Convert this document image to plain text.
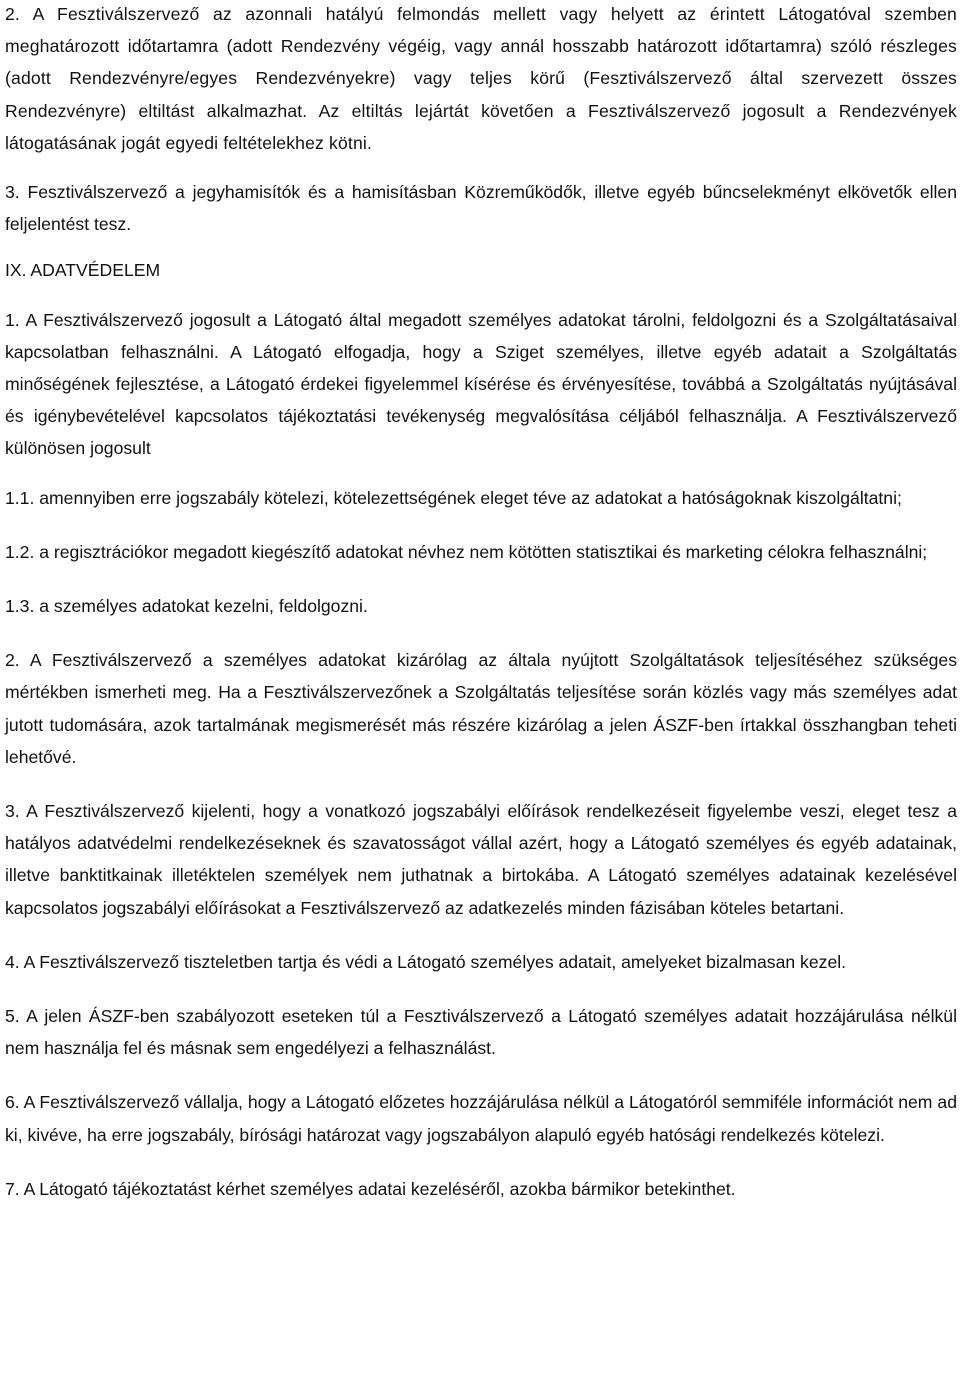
2. A Fesztiválszervező az azonnali hatályú felmondás mellett vagy helyett az érintett Látogatóval szemben meghatározott időtartamra (adott Rendezvény végéig, vagy annál hosszabb határozott időtartamra) szóló részleges (adott Rendezvényre/egyes Rendezvényekre) vagy teljes körű (Fesztiválszervező által szervezett összes Rendezvényre) eltiltást alkalmazhat. Az eltiltás lejártát követően a Fesztiválszervező jogosult a Rendezvények látogatásának jogát egyedi feltételekhez kötni.

3. Fesztiválszervező a jegyhamisítók és a hamisításban Közreműködők, illetve egyéb bűncselekményt elkövetők ellen feljelentést tesz.

IX. ADATVÉDELEM

1. A Fesztiválszervező jogosult a Látogató által megadott személyes adatokat tárolni, feldolgozni és a Szolgáltatásaival kapcsolatban felhasználni. A Látogató elfogadja, hogy a Sziget személyes, illetve egyéb adatait a Szolgáltatás minőségének fejlesztése, a Látogató érdekei figyelemmel kísérése és érvényesítése, továbbá a Szolgáltatás nyújtásával és igénybevételével kapcsolatos tájékoztatási tevékenység megvalósítása céljából felhasználja. A Fesztiválszervező különösen jogosult

1.1. amennyiben erre jogszabály kötelezi, kötelezettségének eleget téve az adatokat a hatóságoknak kiszolgáltatni;

1.2. a regisztrációkor megadott kiegészítő adatokat névhez nem kötötten statisztikai és marketing célokra felhasználni;

1.3. a személyes adatokat kezelni, feldolgozni.

2. A Fesztiválszervező a személyes adatokat kizárólag az általa nyújtott Szolgáltatások teljesítéséhez szükséges mértékben ismerheti meg. Ha a Fesztiválszervezőnek a Szolgáltatás teljesítése során közlés vagy más személyes adat jutott tudomására, azok tartalmának megismerését más részére kizárólag a jelen ÁSZF-ben írtakkal összhangban teheti lehetővé.

3. A Fesztiválszervező kijelenti, hogy a vonatkozó jogszabályi előírások rendelkezéseit figyelembe veszi, eleget tesz a hatályos adatvédelmi rendelkezéseknek és szavatosságot vállal azért, hogy a Látogató személyes és egyéb adatainak, illetve banktitkainak illetéktelen személyek nem juthatnak a birtokába. A Látogató személyes adatainak kezelésével kapcsolatos jogszabályi előírásokat a Fesztiválszervező az adatkezelés minden fázisában köteles betartani.

4. A Fesztiválszervező tiszteletben tartja és védi a Látogató személyes adatait, amelyeket bizalmasan kezel.

5. A jelen ÁSZF-ben szabályozott eseteken túl a Fesztiválszervező a Látogató személyes adatait hozzájárulása nélkül nem használja fel és másnak sem engedélyezi a felhasználást.

6. A Fesztiválszervező vállalja, hogy a Látogató előzetes hozzájárulása nélkül a Látogatóról semmiféle információt nem ad ki, kivéve, ha erre jogszabály, bírósági határozat vagy jogszabályon alapuló egyéb hatósági rendelkezés kötelezi.

7. A Látogató tájékoztatást kérhet személyes adatai kezeléséről, azokba bármikor betekinthet.
